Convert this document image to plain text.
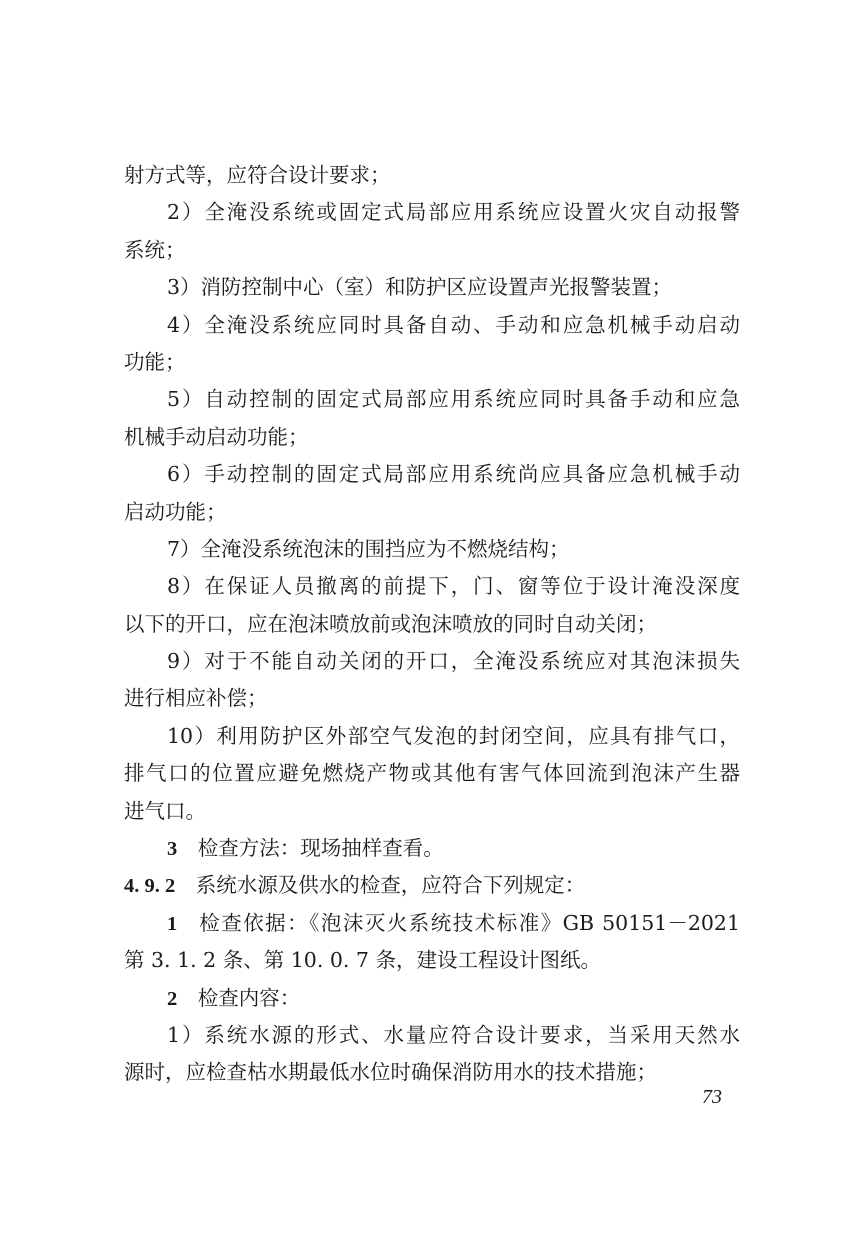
射方式等，应符合设计要求；
2）全淹没系统或固定式局部应用系统应设置火灾自动报警
系统；
3）消防控制中心（室）和防护区应设置声光报警装置；
4）全淹没系统应同时具备自动、手动和应急机械手动启动
功能；
5）自动控制的固定式局部应用系统应同时具备手动和应急
机械手动启动功能；
6）手动控制的固定式局部应用系统尚应具备应急机械手动
启动功能；
7）全淹没系统泡沫的围挡应为不燃烧结构；
8）在保证人员撤离的前提下，门、窗等位于设计淹没深度
以下的开口，应在泡沫喷放前或泡沫喷放的同时自动关闭；
9）对于不能自动关闭的开口，全淹没系统应对其泡沫损失
进行相应补偿；
10）利用防护区外部空气发泡的封闭空间，应具有排气口，
排气口的位置应避免燃烧产物或其他有害气体回流到泡沫产生器
进气口。
3  检查方法：现场抽样查看。
4. 9. 2  系统水源及供水的检查，应符合下列规定：
1  检查依据：《泡沫灭火系统技术标准》GB 50151－2021
第 3. 1. 2 条、第 10. 0. 7 条，建设工程设计图纸。
2  检查内容：
1）系统水源的形式、水量应符合设计要求，当采用天然水
源时，应检查枯水期最低水位时确保消防用水的技术措施；
73
